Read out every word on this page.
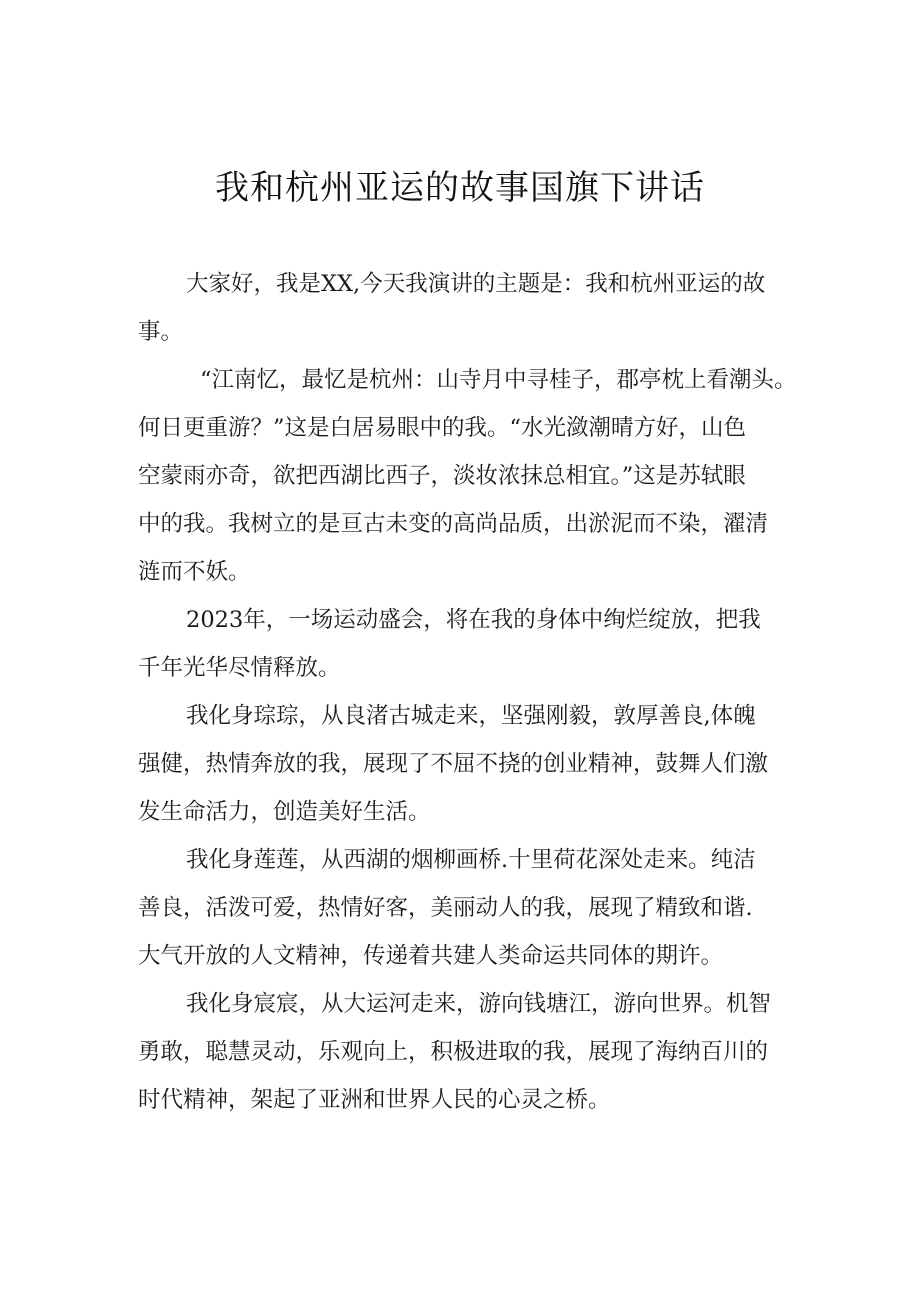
我和杭州亚运的故事国旗下讲话
大家好，我是XX,今天我演讲的主题是：我和杭州亚运的故
事。
“江南忆，最忆是杭州：山寺月中寻桂子，郡亭枕上看潮头。
何日更重游？”这是白居易眼中的我。“水光潋潮晴方好，山色
空蒙雨亦奇，欲把西湖比西子，淡妆浓抹总相宜。”这是苏轼眼
中的我。我树立的是亘古未变的高尚品质，出淤泥而不染，濯清
涟而不妖。
2023年，一场运动盛会，将在我的身体中绚烂绽放，把我
千年光华尽情释放。
我化身琮琮，从良渚古城走来，坚强刚毅，敦厚善良,体魄
强健，热情奔放的我，展现了不屈不挠的创业精神，鼓舞人们激
发生命活力，创造美好生活。
我化身莲莲，从西湖的烟柳画桥.十里荷花深处走来。纯洁
善良，活泼可爱，热情好客，美丽动人的我，展现了精致和谐.
大气开放的人文精神，传递着共建人类命运共同体的期许。
我化身宸宸，从大运河走来，游向钱塘江，游向世界。机智
勇敢，聪慧灵动，乐观向上，积极进取的我，展现了海纳百川的
时代精神，架起了亚洲和世界人民的心灵之桥。
